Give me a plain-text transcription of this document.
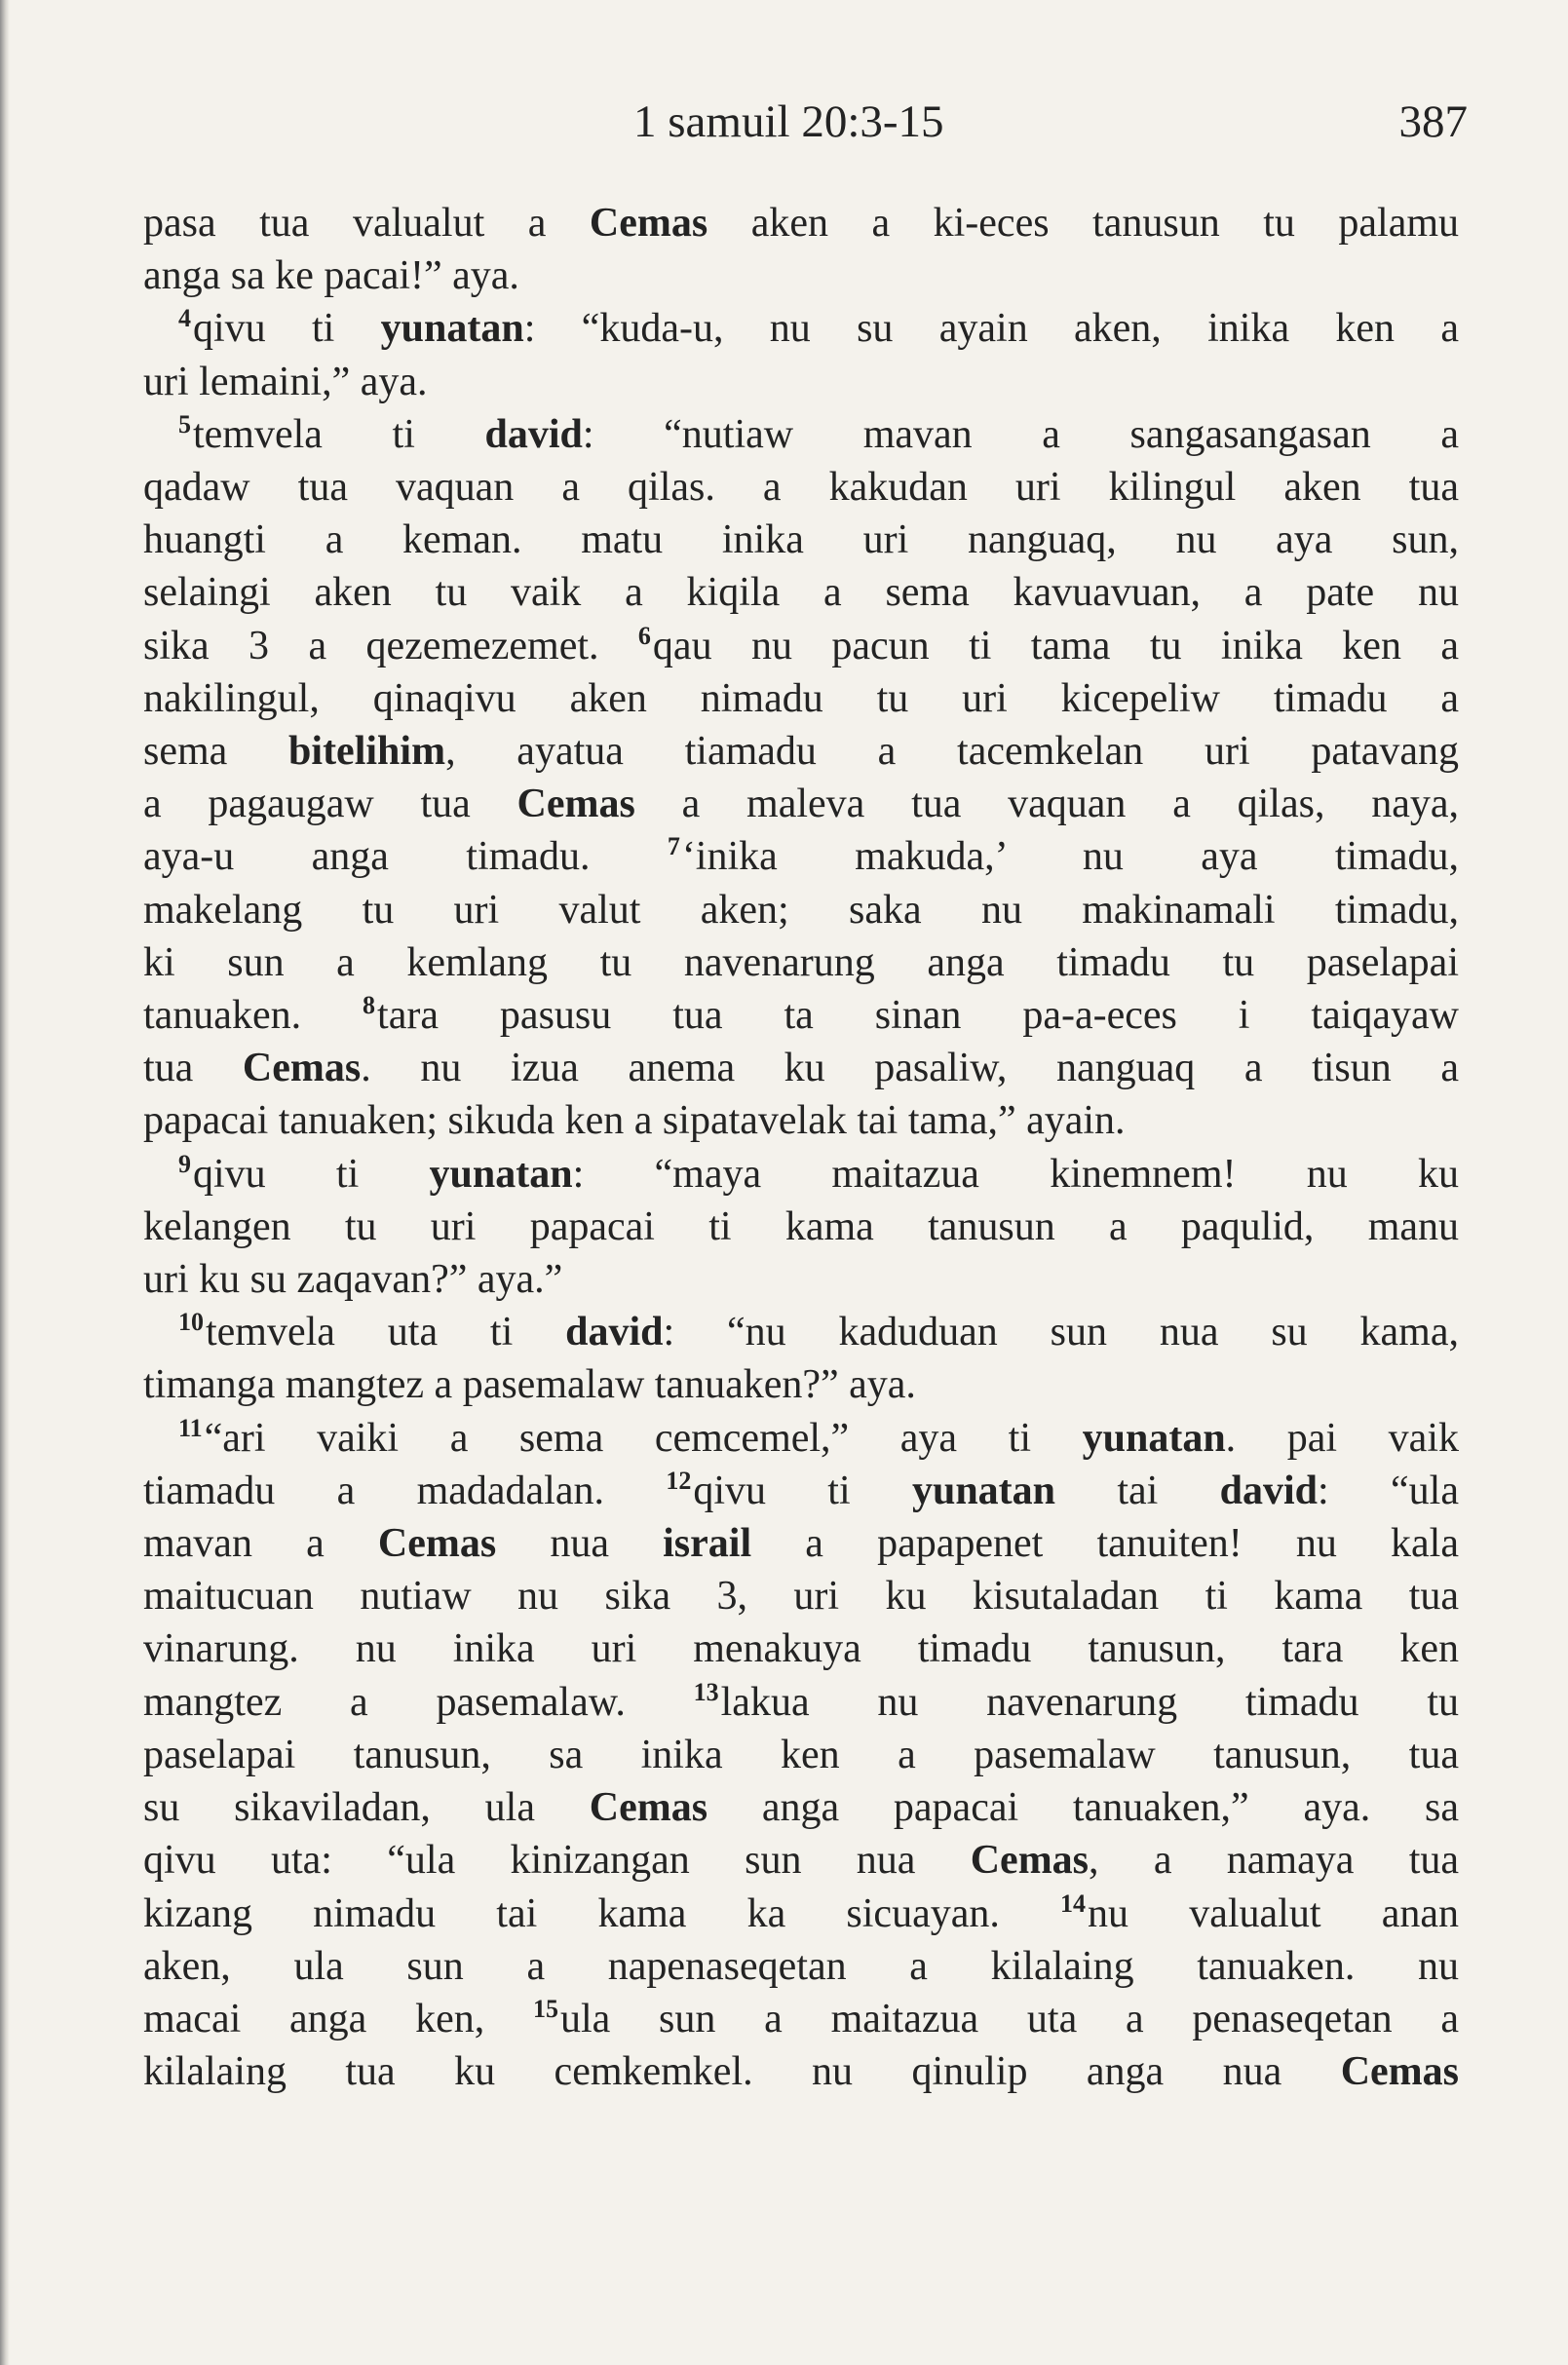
1 samuil 20:3-15	387
pasa tua valualut a Cemas aken a ki-eces tanusun tu palamu
anga sa ke pacai!” aya.
$^4$qivu ti yunatan: “kuda-u, nu su ayain aken, inika ken a
uri lemaini,” aya.
$^5$temvela ti david: “nutiaw mavan a sangasangasan a
qadaw tua vaquan a qilas. a kakudan uri kilingul aken tua
huangti a keman. matu inika uri nanguaq, nu aya sun,
selaingi aken tu vaik a kiqila a sema kavuavuan, a pate nu
sika 3 a qezemezemet. $^6$qau nu pacun ti tama tu inika ken a
nakilingul, qinaqivu aken nimadu tu uri kicepeliw timadu a
sema bitelihim, ayatua tiamadu a tacemkelan uri patavang
a pagaugaw tua Cemas a maleva tua vaquan a qilas, naya,
aya-u anga timadu. $^7$‘inika makuda,’ nu aya timadu,
makelang tu uri valut aken; saka nu makinamali timadu,
ki sun a kemlang tu navenarung anga timadu tu paselapai
tanuaken. $^8$tara pasusu tua ta sinan pa-a-eces i taiqayaw
tua Cemas. nu izua anema ku pasaliw, nanguaq a tisun a
papacai tanuaken; sikuda ken a sipatavelak tai tama,” ayain.
$^9$qivu ti yunatan: “maya maitazua kinemnem! nu ku
kelangen tu uri papacai ti kama tanusun a paqulid, manu
uri ku su zaqavan?” aya.”
$^{10}$temvela uta ti david: “nu kaduduan sun nua su kama,
timanga mangtez a pasemalaw tanuaken?” aya.
$^{11}$“ari vaiki a sema cemcemel,” aya ti yunatan. pai vaik
tiamadu a madadalan. $^{12}$qivu ti yunatan tai david: “ula
mavan a Cemas nua israil a papapenet tanuiten! nu kala
maitucuan nutiaw nu sika 3, uri ku kisutaladan ti kama tua
vinarung. nu inika uri menakuya timadu tanusun, tara ken
mangtez a pasemalaw. $^{13}$lakua nu navenarung timadu tu
paselapai tanusun, sa inika ken a pasemalaw tanusun, tua
su sikaviladan, ula Cemas anga papacai tanuaken,” aya. sa
qivu uta: “ula kinizangan sun nua Cemas, a namaya tua
kizang nimadu tai kama ka sicuayan. $^{14}$nu valualut anan
aken, ula sun a napenaseqetan a kilalaing tanuaken. nu
macai anga ken, $^{15}$ula sun a maitazua uta a penaseqetan a
kilalaing tua ku cemkemkel. nu qinulip anga nua Cemas
